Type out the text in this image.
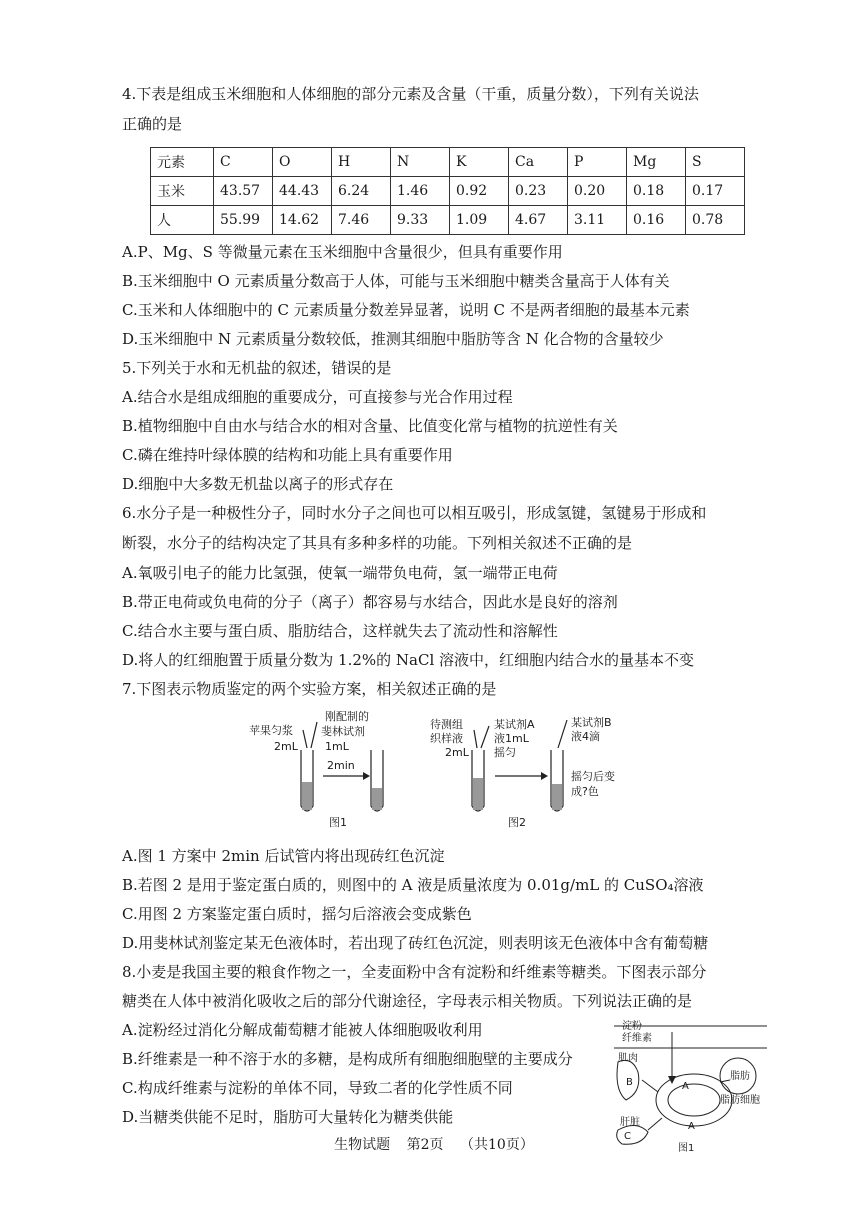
4.下表是组成玉米细胞和人体细胞的部分元素及含量（干重，质量分数），下列有关说法
正确的是
元素	C	O	H	N	K	Ca	P	Mg	S
玉米	43.57	44.43	6.24	1.46	0.92	0.23	0.20	0.18	0.17
人	55.99	14.62	7.46	9.33	1.09	4.67	3.11	0.16	0.78
A.P、Mg、S 等微量元素在玉米细胞中含量很少，但具有重要作用
B.玉米细胞中 O 元素质量分数高于人体，可能与玉米细胞中糖类含量高于人体有关
C.玉米和人体细胞中的 C 元素质量分数差异显著，说明 C 不是两者细胞的最基本元素
D.玉米细胞中 N 元素质量分数较低，推测其细胞中脂肪等含 N 化合物的含量较少
5.下列关于水和无机盐的叙述，错误的是
A.结合水是组成细胞的重要成分，可直接参与光合作用过程
B.植物细胞中自由水与结合水的相对含量、比值变化常与植物的抗逆性有关
C.磷在维持叶绿体膜的结构和功能上具有重要作用
D.细胞中大多数无机盐以离子的形式存在
6.水分子是一种极性分子，同时水分子之间也可以相互吸引，形成氢键，氢键易于形成和
断裂，水分子的结构决定了其具有多种多样的功能。下列相关叙述不正确的是
A.氧吸引电子的能力比氢强，使氧一端带负电荷，氢一端带正电荷
B.带正电荷或负电荷的分子（离子）都容易与水结合，因此水是良好的溶剂
C.结合水主要与蛋白质、脂肪结合，这样就失去了流动性和溶解性
D.将人的红细胞置于质量分数为 1.2%的 NaCl 溶液中，红细胞内结合水的量基本不变
7.下图表示物质鉴定的两个实验方案，相关叙述正确的是
苹果匀浆
2mL
刚配制的
斐林试剂
1mL
2min
图1
待测组
织样液
2mL
某试剂A
液1mL
摇匀
某试剂B
液4滴
摇匀后变
成?色
图2
A.图 1 方案中 2min 后试管内将出现砖红色沉淀
B.若图 2 是用于鉴定蛋白质的，则图中的 A 液是质量浓度为 0.01g/mL 的 CuSO₄溶液
C.用图 2 方案鉴定蛋白质时，摇匀后溶液会变成紫色
D.用斐林试剂鉴定某无色液体时，若出现了砖红色沉淀，则表明该无色液体中含有葡萄糖
8.小麦是我国主要的粮食作物之一，全麦面粉中含有淀粉和纤维素等糖类。下图表示部分
糖类在人体中被消化吸收之后的部分代谢途径，字母表示相关物质。下列说法正确的是
A.淀粉经过消化分解成葡萄糖才能被人体细胞吸收利用
B.纤维素是一种不溶于水的多糖，是构成所有细胞细胞壁的主要成分
C.构成纤维素与淀粉的单体不同，导致二者的化学性质不同
D.当糖类供能不足时，脂肪可大量转化为糖类供能
淀粉
纤维素
肌肉
B	A
A
肝脏
C
脂肪
脂肪细胞
图1
生物试题 第2页 （共10页）
